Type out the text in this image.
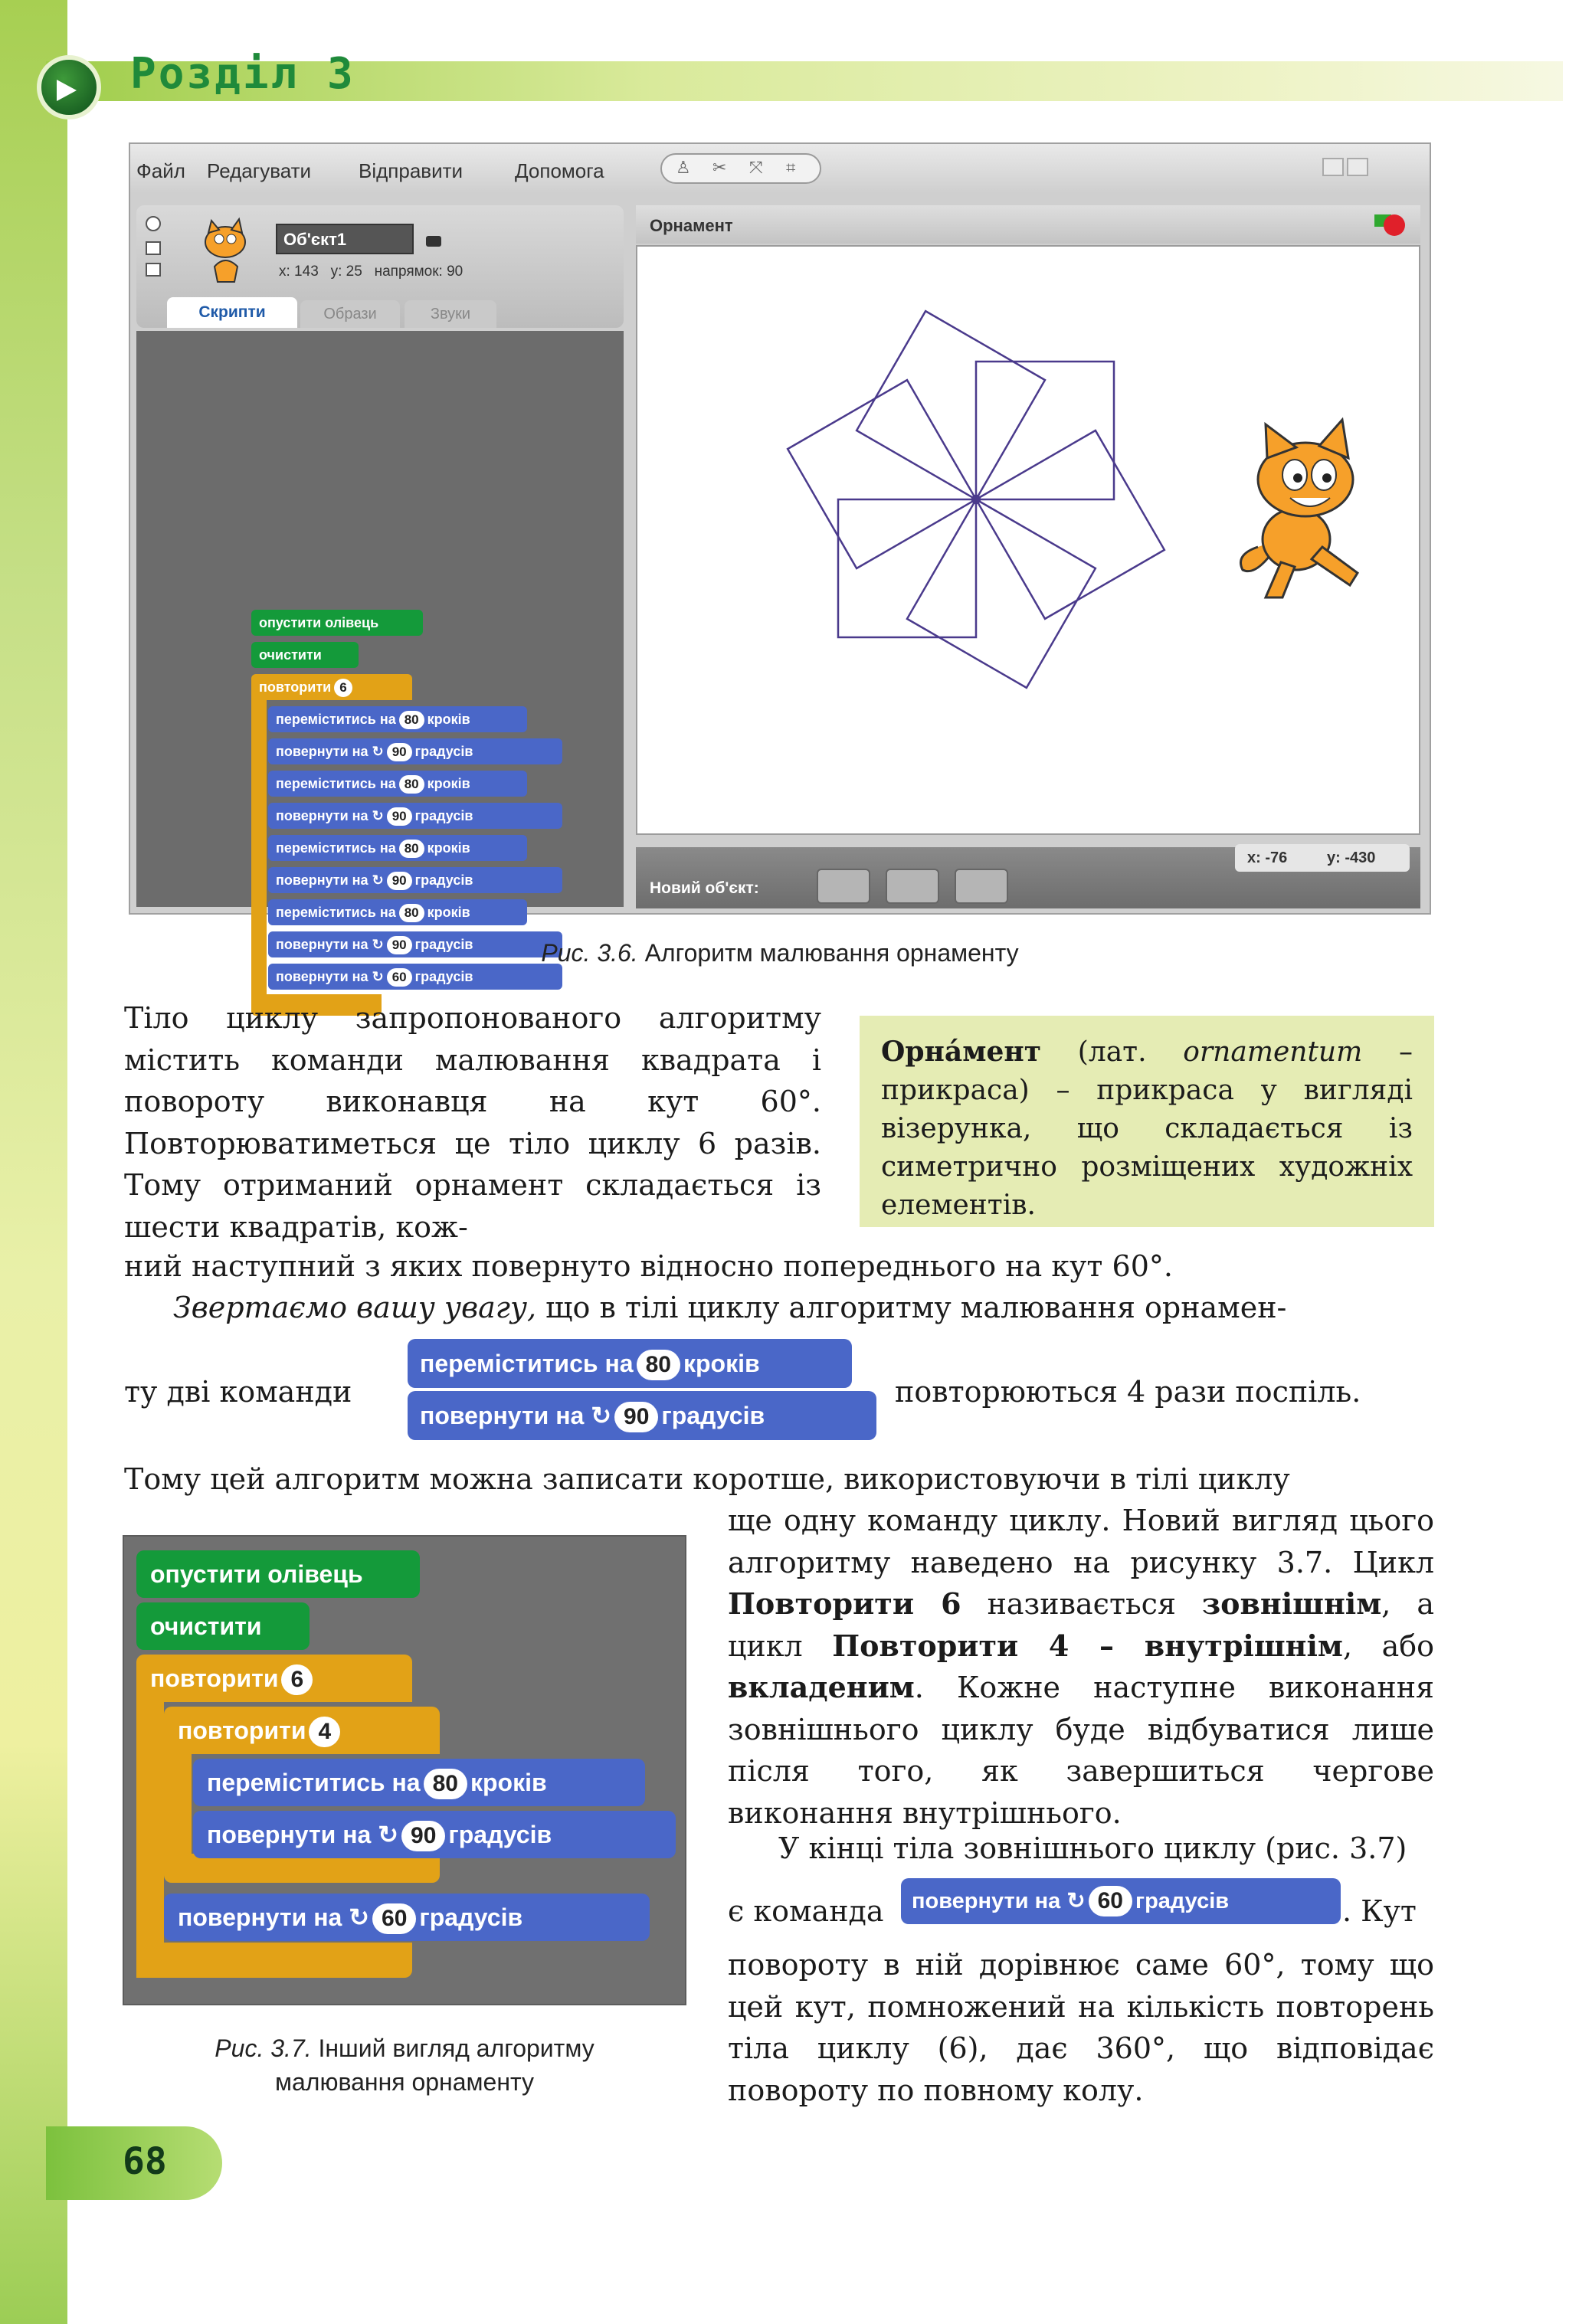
Розділ 3
Файл Редагувати Відправити	Допомога	♙ ✂ ⤧ ⌗
Об'єкт1
x: 143   y: 25   напрямок: 90
Скрипти	Образи	Звуки
опустити олівець
очистити
повторити 6
переміститись на 80 кроків
повернути на ↻ 90 градусів
переміститись на 80 кроків
повернути на ↻ 90 градусів
переміститись на 80 кроків
повернути на ↻ 90 градусів
переміститись на 80 кроків
повернути на ↻ 90 градусів
повернути на ↻ 60 градусів
Орнамент
Новий об'єкт:
x: -76	y: -430
Рис. 3.6. Алгоритм малювання орнаменту

Тіло циклу запропонованого алгоритму містить команди малювання квадрата і повороту виконавця на кут 60°. Повторюватиметься це тіло циклу 6 разів. Тому отриманий орнамент складається із шести квадратів, кож-

ний наступний з яких повернуто відносно попереднього на кут 60°.

Орна́мент (лат. ornamentum – прикраса) – прикраса у вигляді візерунка, що складається із симетрично розміщених художніх елементів.

Звертаємо вашу увагу, що в тілі циклу алгоритму малювання орнамен-

ту дві команди
переміститись на 80 кроків
повернути на ↻ 90 градусів
повторюються 4 рази поспіль.

Тому цей алгоритм можна записати коротше, використовуючи в тілі циклу

опустити олівець
очистити
повторити 6
повторити 4
переміститись на 80 кроків
повернути на ↻ 90 градусів
повернути на ↻ 60 градусів
Рис. 3.7. Інший вигляд алгоритму
малювання орнаменту

ще одну команду циклу. Новий вигляд цього алгоритму наведено на рисунку 3.7. Цикл Повторити 6 називається зовнішнім, а цикл Повторити 4 – внутрішнім, або вкладеним. Кожне наступне виконання зовнішнього циклу буде відбуватися лише після того, як завершиться чергове виконання внутрішнього.

У кінці тіла зовнішнього циклу (рис. 3.7)

є команда	повернути на ↻ 60 градусів	. Кут

повороту в ній дорівнює саме 60°, тому що цей кут, помножений на кількість повторень тіла циклу (6), дає 360°, що відповідає повороту по повному колу.

68
